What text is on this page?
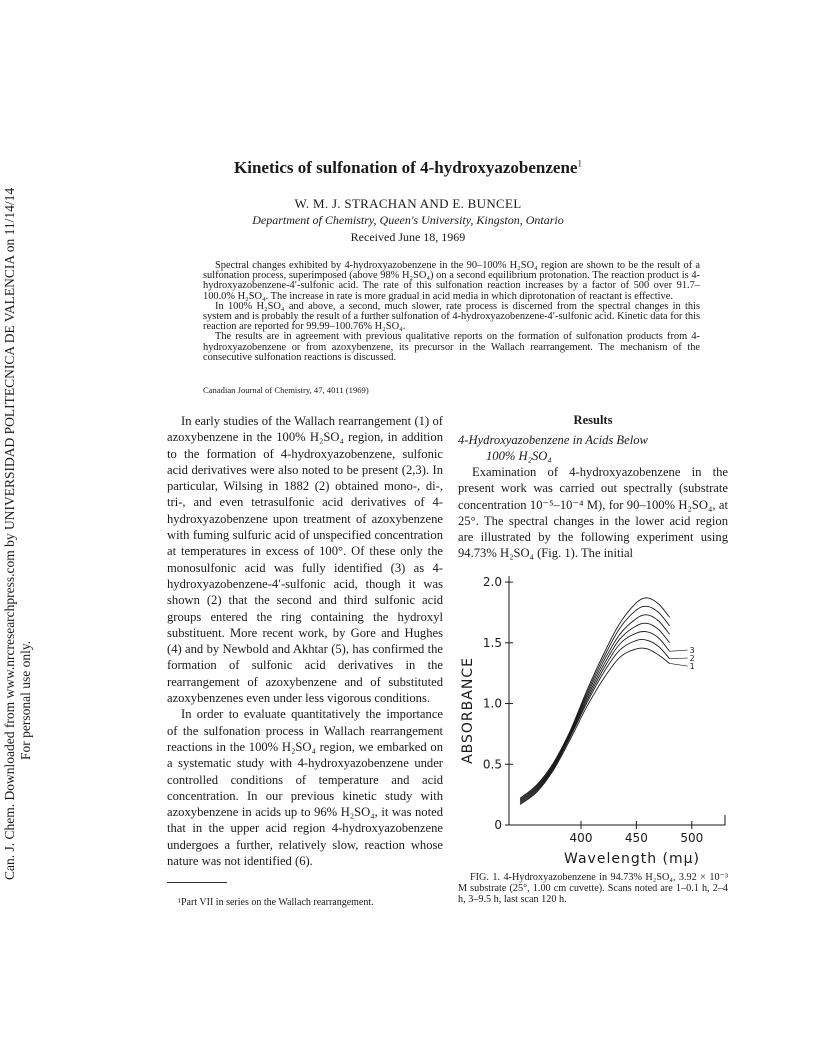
Can. J. Chem. Downloaded from www.nrcresearchpress.com by UNIVERSIDAD POLITECNICA DE VALENCIA on 11/14/14 For personal use only.
Kinetics of sulfonation of 4-hydroxyazobenzene$^1$
W. M. J. STRACHAN AND E. BUNCEL
Department of Chemistry, Queen's University, Kingston, Ontario
Received June 18, 1969

Spectral changes exhibited by 4-hydroxyazobenzene in the 90–100% H₂SO₄ region are shown to be the result of a sulfonation process, superimposed (above 98% H₂SO₄) on a second equilibrium protonation. The reaction product is 4-hydroxyazobenzene-4′-sulfonic acid. The rate of this sulfonation reaction increases by a factor of 500 over 91.7–100.0% H₂SO₄. The increase in rate is more gradual in acid media in which diprotonation of reactant is effective.

In 100% H₂SO₄ and above, a second, much slower, rate process is discerned from the spectral changes in this system and is probably the result of a further sulfonation of 4-hydroxyazobenzene-4′-sulfonic acid. Kinetic data for this reaction are reported for 99.99–100.76% H₂SO₄.

The results are in agreement with previous qualitative reports on the formation of sulfonation products from 4-hydroxyazobenzene or from azoxybenzene, its precursor in the Wallach rearrangement. The mechanism of the consecutive sulfonation reactions is discussed.

Canadian Journal of Chemistry, 47, 4011 (1969)

In early studies of the Wallach rearrangement (1) of azoxybenzene in the 100% H₂SO₄ region, in addition to the formation of 4-hydroxyazobenzene, sulfonic acid derivatives were also noted to be present (2,3). In particular, Wilsing in 1882 (2) obtained mono-, di-, tri-, and even tetrasulfonic acid derivatives of 4-hydroxyazobenzene upon treatment of azoxybenzene with fuming sulfuric acid of unspecified concentration at temperatures in excess of 100°. Of these only the monosulfonic acid was fully identified (3) as 4-hydroxyazobenzene-4′-sulfonic acid, though it was shown (2) that the second and third sulfonic acid groups entered the ring containing the hydroxyl substituent. More recent work, by Gore and Hughes (4) and by Newbold and Akhtar (5), has confirmed the formation of sulfonic acid derivatives in the rearrangement of azoxybenzene and of substituted azoxybenzenes even under less vigorous conditions.

In order to evaluate quantitatively the importance of the sulfonation process in Wallach rearrangement reactions in the 100% H₂SO₄ region, we embarked on a systematic study with 4-hydroxyazobenzene under controlled conditions of temperature and acid concentration. In our previous kinetic study with azoxybenzene in acids up to 96% H₂SO₄, it was noted that in the upper acid region 4-hydroxyazobenzene undergoes a further, relatively slow, reaction whose nature was not identified (6).

¹Part VII in series on the Wallach rearrangement.
Results
4-Hydroxyazobenzene in Acids Below
100% H₂SO₄

Examination of 4-hydroxyazobenzene in the present work was carried out spectrally (substrate concentration 10⁻⁵–10⁻⁴ M), for 90–100% H₂SO₄, at 25°. The spectral changes in the lower acid region are illustrated by the following experiment using 94.73% H₂SO₄ (Fig. 1). The initial

0
0.5
1.0
1.5
2.0
400	450	500
Wavelength (mμ)
ABSORBANCE
3
2
1

FIG. 1. 4-Hydroxyazobenzene in 94.73% H₂SO₄, 3.92 × 10⁻³ M substrate (25°, 1.00 cm cuvette). Scans noted are 1–0.1 h, 2–4 h, 3–9.5 h, last scan 120 h.
